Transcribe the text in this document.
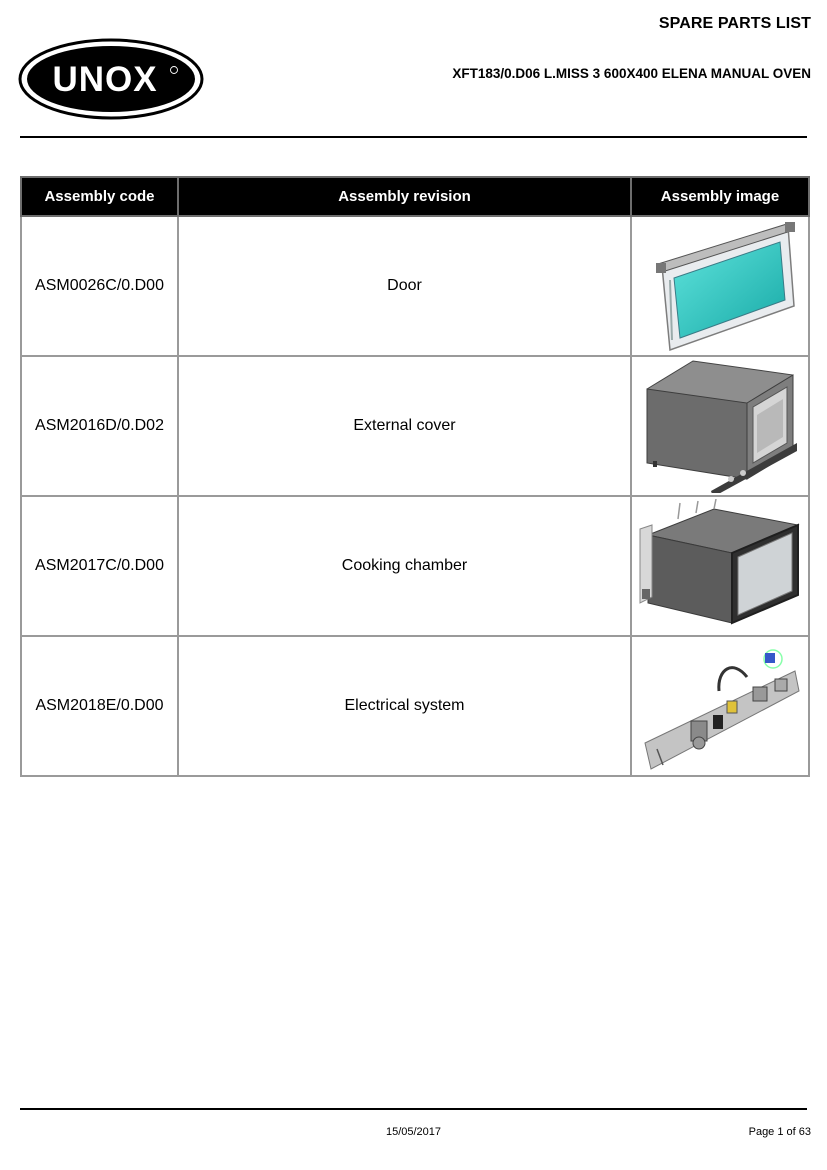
SPARE PARTS LIST
XFT183/0.D06 L.MISS 3 600X400 ELENA MANUAL OVEN
UNOX
Assembly code	Assembly revision	Assembly image
ASM0026C/0.D00	Door	

ASM2016D/0.D02	External cover	

ASM2017C/0.D00	Cooking chamber	

ASM2018E/0.D00	Electrical system	
15/05/2017	Page 1 of 63
